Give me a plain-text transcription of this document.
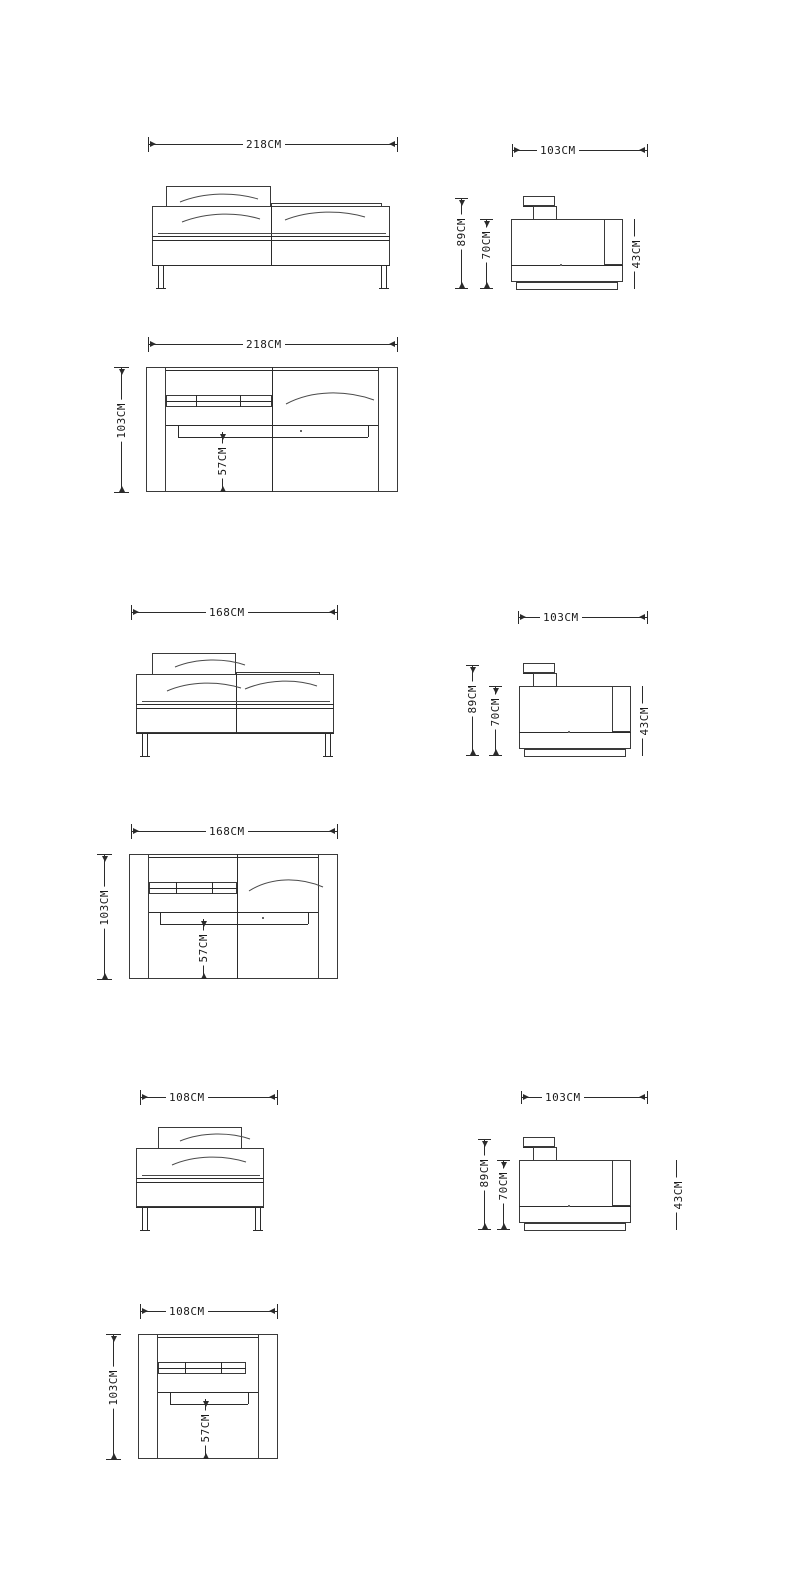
218CM	103CM
89CM 70CM	43CM
218CM
103CM
57CM
168CM	103CM
89CM 70CM	43CM
168CM
103CM
57CM
108CM	103CM
89CM 70CM	43CM
108CM
103CM
57CM
